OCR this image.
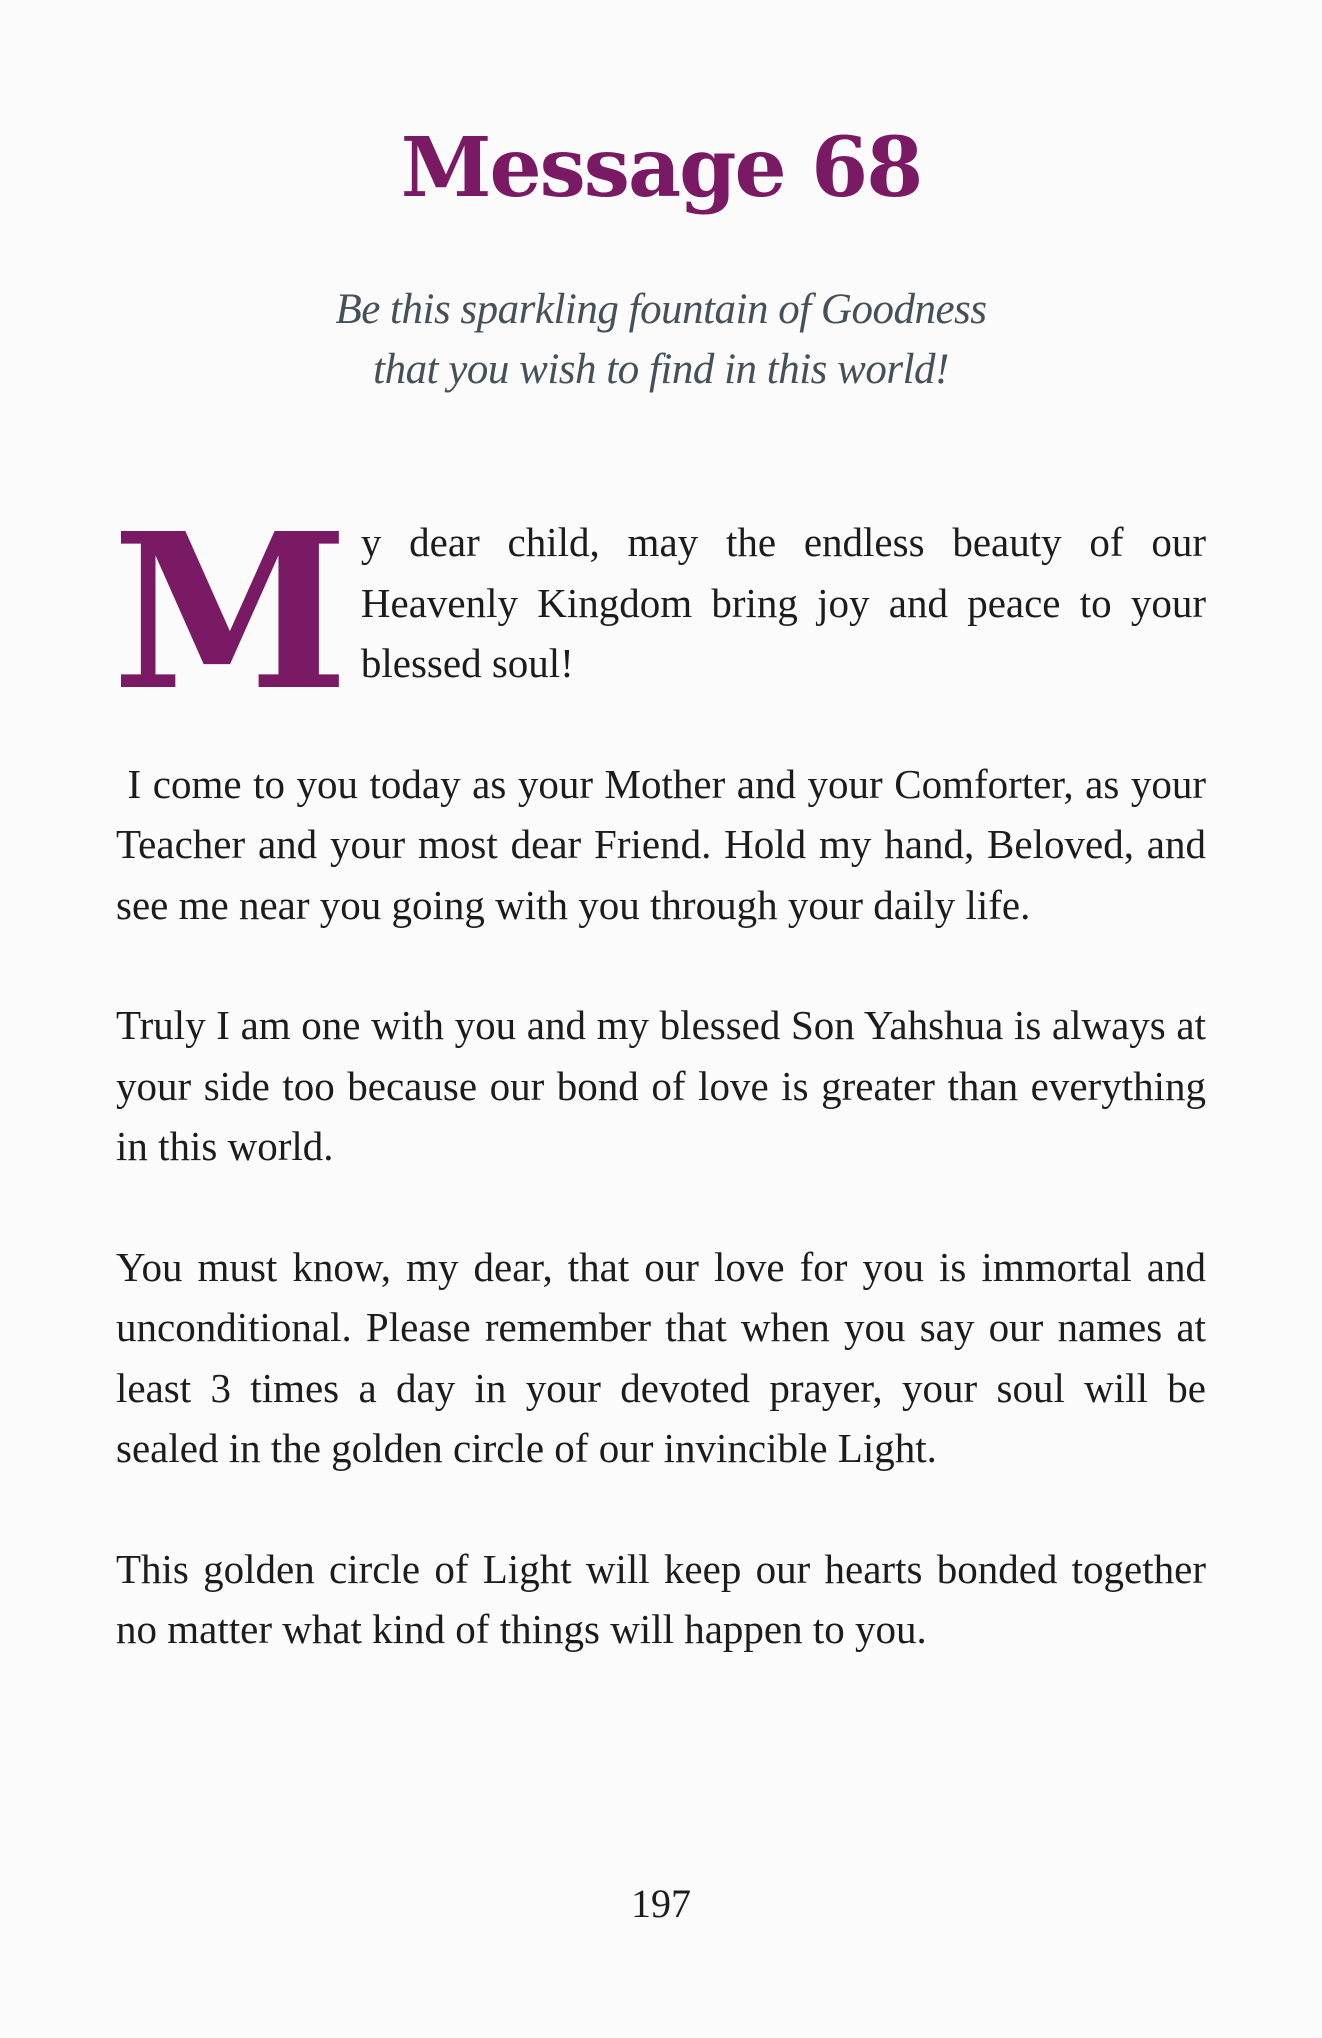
Message 68
Be this sparkling fountain of Goodness
that you wish to find in this world!

My dear child, may the endless beauty of our Heavenly Kingdom bring joy and peace to your blessed soul!

I come to you today as your Mother and your Comforter, as your Teacher and your most dear Friend. Hold my hand, Beloved, and see me near you going with you through your daily life.

Truly I am one with you and my blessed Son Yahshua is always at your side too because our bond of love is greater than everything in this world.

You must know, my dear, that our love for you is immortal and unconditional. Please remember that when you say our names at least 3 times a day in your devoted prayer, your soul will be sealed in the golden circle of our invincible Light.

This golden circle of Light will keep our hearts bonded together no matter what kind of things will happen to you.

197
